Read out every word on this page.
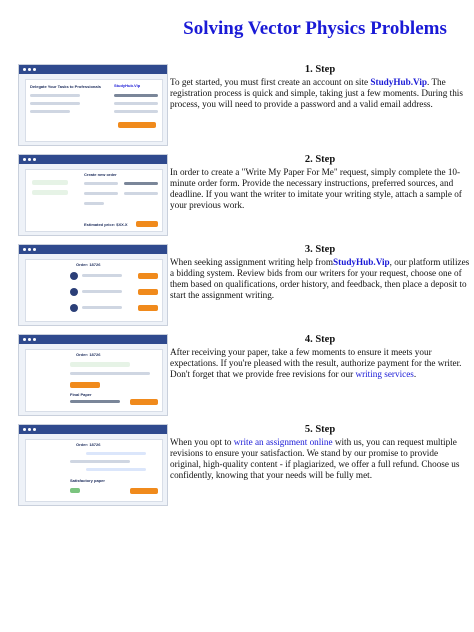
Solving Vector Physics Problems
Delegate Your Tasks to Professionals	StudyHub.Vip
1. Step

To get started, you must first create an account on site StudyHub.Vip. The registration process is quick and simple, taking just a few moments. During this process, you will need to provide a password and a valid email address.

Create new order
Estimated price: $XX.X
2. Step

In order to create a "Write My Paper For Me" request, simply complete the 10-minute order form. Provide the necessary instructions, preferred sources, and deadline. If you want the writer to imitate your writing style, attach a sample of your previous work.

Order: 18726
3. Step

When seeking assignment writing help fromStudyHub.Vip, our platform utilizes a bidding system. Review bids from our writers for your request, choose one of them based on qualifications, order history, and feedback, then place a deposit to start the assignment writing.

Order: 18726
Final Paper
4. Step

After receiving your paper, take a few moments to ensure it meets your expectations. If you're pleased with the result, authorize payment for the writer. Don't forget that we provide free revisions for our writing services.

Order: 18726
Satisfactory paper
5. Step

When you opt to write an assignment online with us, you can request multiple revisions to ensure your satisfaction. We stand by our promise to provide original, high-quality content - if plagiarized, we offer a full refund. Choose us confidently, knowing that your needs will be fully met.
